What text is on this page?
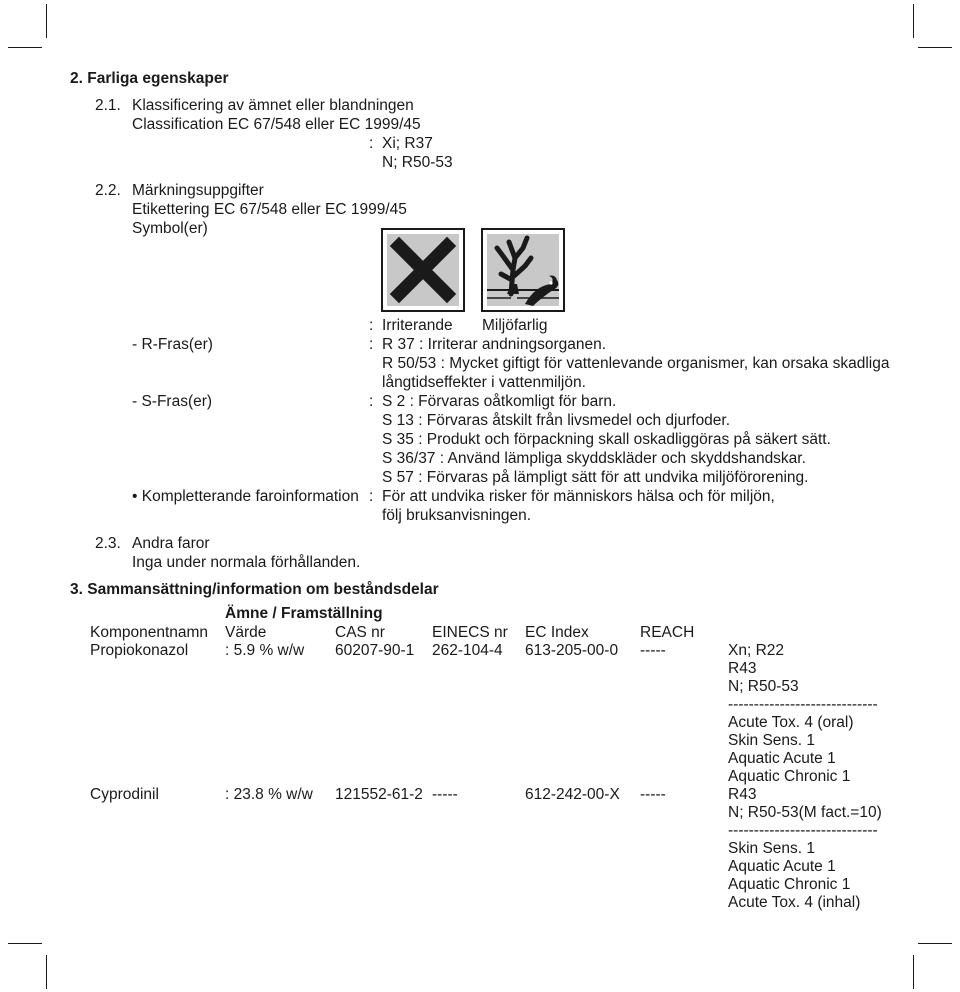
2. Farliga egenskaper
2.1. Klassificering av ämnet eller blandningen
Classification EC 67/548 eller EC 1999/45
: Xi; R37
N; R50-53
2.2. Märkningsuppgifter
Etikettering EC 67/548 eller EC 1999/45
Symbol(er)
: Irriterande Miljöfarlig
- R-Fras(er)	: R 37 : Irriterar andningsorganen.
R 50/53 : Mycket giftigt för vattenlevande organismer, kan orsaka skadliga
långtidseffekter i vattenmiljön.
- S-Fras(er)	: S 2 : Förvaras oåtkomligt för barn.
S 13 : Förvaras åtskilt från livsmedel och djurfoder.
S 35 : Produkt och förpackning skall oskadliggöras på säkert sätt.
S 36/37 : Använd lämpliga skyddskläder och skyddshandskar.
S 57 : Förvaras på lämpligt sätt för att undvika miljöförorening.
• Kompletterande faroinformation : För att undvika risker för människors hälsa och för miljön,
följ bruksanvisningen.
2.3. Andra faror
Inga under normala förhållanden.
3. Sammansättning/information om beståndsdelar
Ämne / Framställning
Komponentnamn Värde	CAS nr	EINECS nr EC Index	REACH
Propiokonazol : 5.9 % w/w 60207-90-1 262-104-4 613-205-00-0 -----	Xn; R22
R43
N; R50-53
-----------------------------
Acute Tox. 4 (oral)
Skin Sens. 1
Aquatic Acute 1
Aquatic Chronic 1
Cyprodinil	: 23.8 % w/w 121552-61-2 -----	612-242-00-X -----	R43
N; R50-53(M fact.=10)
-----------------------------
Skin Sens. 1
Aquatic Acute 1
Aquatic Chronic 1
Acute Tox. 4 (inhal)
